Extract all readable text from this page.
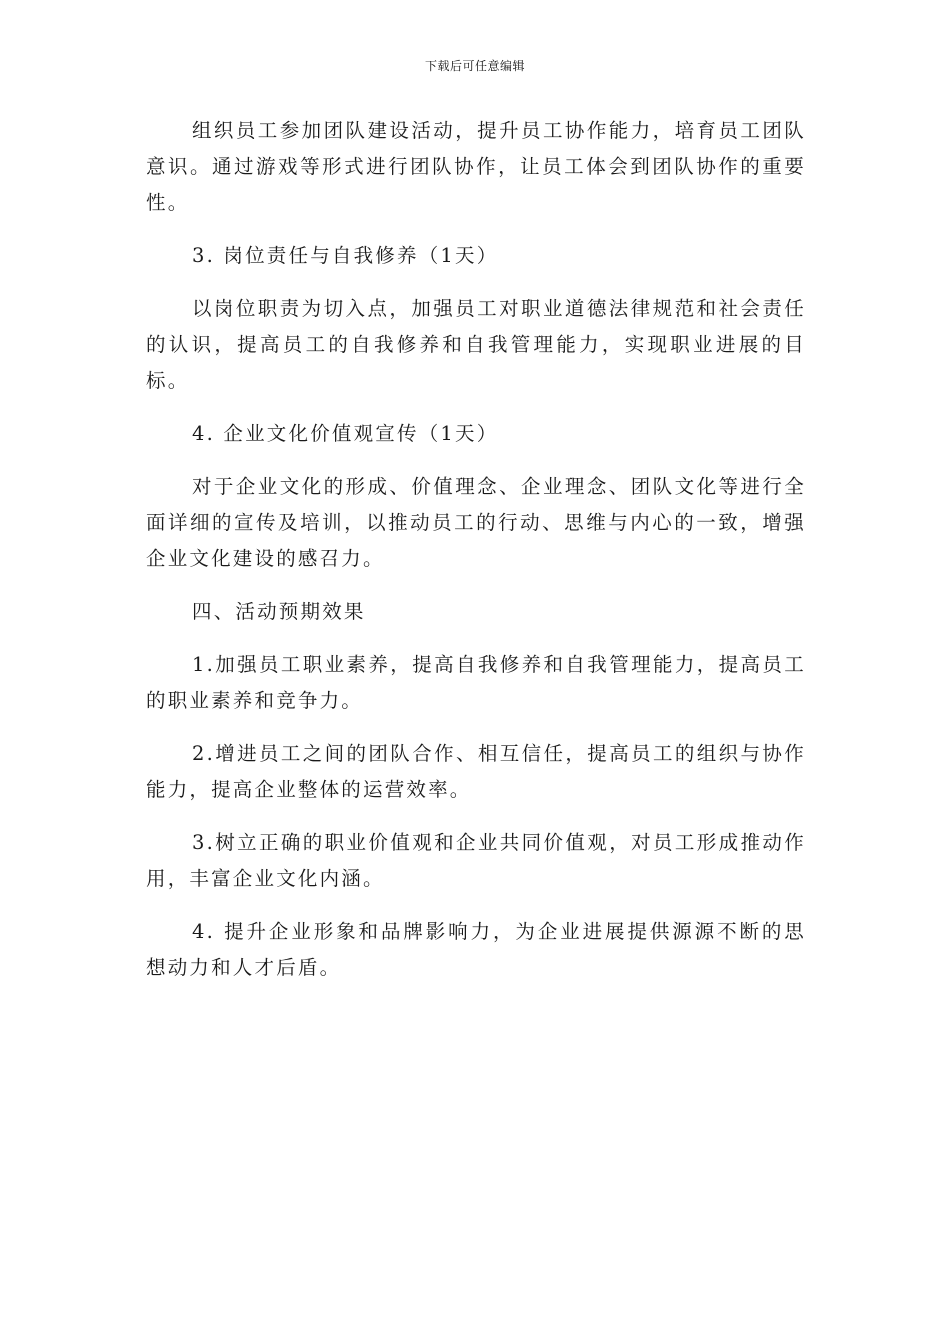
下载后可任意编辑

组织员工参加团队建设活动，提升员工协作能力，培育员工团队意识。通过游戏等形式进行团队协作，让员工体会到团队协作的重要性。

3. 岗位责任与自我修养（1天）

以岗位职责为切入点，加强员工对职业道德法律规范和社会责任的认识，提高员工的自我修养和自我管理能力，实现职业进展的目标。

4. 企业文化价值观宣传（1天）

对于企业文化的形成、价值理念、企业理念、团队文化等进行全面详细的宣传及培训，以推动员工的行动、思维与内心的一致，增强企业文化建设的感召力。

四、活动预期效果

1.加强员工职业素养，提高自我修养和自我管理能力，提高员工的职业素养和竞争力。

2.增进员工之间的团队合作、相互信任，提高员工的组织与协作能力，提高企业整体的运营效率。

3.树立正确的职业价值观和企业共同价值观，对员工形成推动作用，丰富企业文化内涵。

4. 提升企业形象和品牌影响力，为企业进展提供源源不断的思想动力和人才后盾。
